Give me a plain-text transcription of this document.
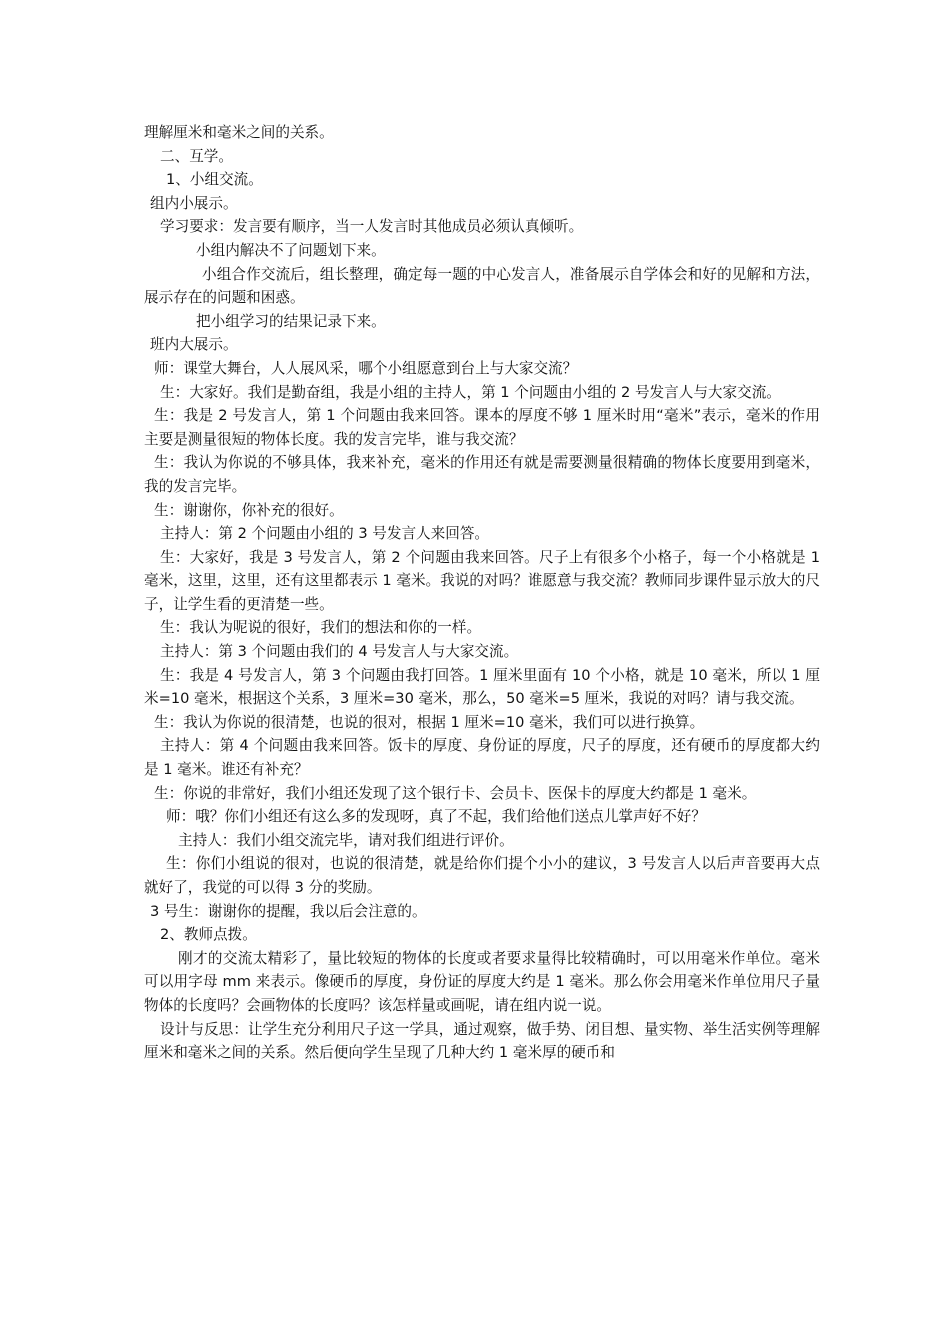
理解厘米和毫米之间的关系。

二、互学。

1、小组交流。

组内小展示。

学习要求：发言要有顺序，当一人发言时其他成员必须认真倾听。

小组内解决不了问题划下来。

小组合作交流后，组长整理，确定每一题的中心发言人，准备展示自学体会和好的见解和方法，展示存在的问题和困惑。

把小组学习的结果记录下来。

班内大展示。

师：课堂大舞台，人人展风采，哪个小组愿意到台上与大家交流？

生：大家好。我们是勤奋组，我是小组的主持人，第 1 个问题由小组的 2 号发言人与大家交流。

生：我是 2 号发言人，第 1 个问题由我来回答。课本的厚度不够 1 厘米时用“毫米”表示，毫米的作用主要是测量很短的物体长度。我的发言完毕，谁与我交流？

生：我认为你说的不够具体，我来补充，毫米的作用还有就是需要测量很精确的物体长度要用到毫米，我的发言完毕。

生：谢谢你，你补充的很好。

主持人：第 2 个问题由小组的 3 号发言人来回答。

生：大家好，我是 3 号发言人，第 2 个问题由我来回答。尺子上有很多个小格子，每一个小格就是 1 毫米，这里，这里，还有这里都表示 1 毫米。我说的对吗？谁愿意与我交流？教师同步课件显示放大的尺子，让学生看的更清楚一些。

生：我认为呢说的很好，我们的想法和你的一样。

主持人：第 3 个问题由我们的 4 号发言人与大家交流。

生：我是 4 号发言人，第 3 个问题由我打回答。1 厘米里面有 10 个小格，就是 10 毫米，所以 1 厘米=10 毫米，根据这个关系，3 厘米=30 毫米，那么，50 毫米=5 厘米，我说的对吗？请与我交流。

生：我认为你说的很清楚，也说的很对，根据 1 厘米=10 毫米，我们可以进行换算。

主持人：第 4 个问题由我来回答。饭卡的厚度、身份证的厚度，尺子的厚度，还有硬币的厚度都大约是 1 毫米。谁还有补充？

生：你说的非常好，我们小组还发现了这个银行卡、会员卡、医保卡的厚度大约都是 1 毫米。

师：哦？你们小组还有这么多的发现呀，真了不起，我们给他们送点儿掌声好不好？

主持人：我们小组交流完毕，请对我们组进行评价。

生：你们小组说的很对，也说的很清楚，就是给你们提个小小的建议，3 号发言人以后声音要再大点就好了，我觉的可以得 3 分的奖励。

3 号生：谢谢你的提醒，我以后会注意的。

2、教师点拨。

刚才的交流太精彩了，量比较短的物体的长度或者要求量得比较精确时，可以用毫米作单位。毫米可以用字母 mm 来表示。像硬币的厚度，身份证的厚度大约是 1 毫米。那么你会用毫米作单位用尺子量物体的长度吗？会画物体的长度吗？该怎样量或画呢，请在组内说一说。

设计与反思：让学生充分利用尺子这一学具，通过观察，做手势、闭目想、量实物、举生活实例等理解厘米和毫米之间的关系。然后便向学生呈现了几种大约 1 毫米厚的硬币和
